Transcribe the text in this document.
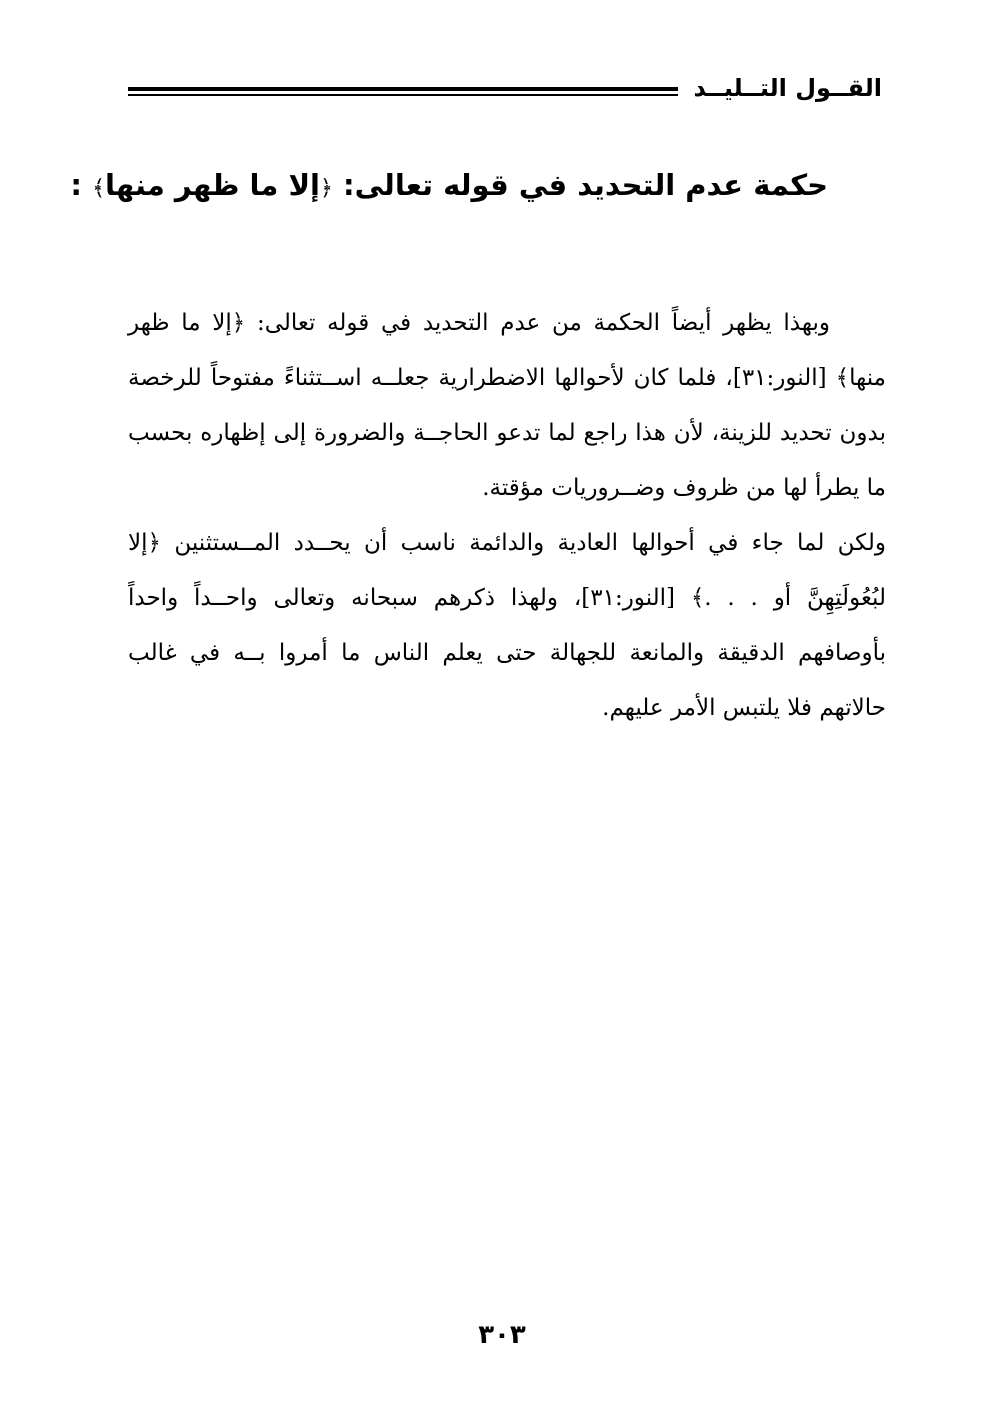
القــول التــليــد
حكمة عدم التحديد في قوله تعالى: ﴿إلا ما ظهر منها﴾ :

وبهذا يظهر أيضاً الحكمة من عدم التحديد في قوله تعالى: ﴿إلا ما ظهر منها﴾ [النور:٣١]، فلما كان لأحوالها الاضطرارية جعلــه اســتثناءً مفتوحاً للرخصة بدون تحديد للزينة، لأن هذا راجع لما تدعو الحاجــة والضرورة إلى إظهاره بحسب ما يطرأ لها من ظروف وضــروريات مؤقتة.

ولكن لما جاء في أحوالها العادية والدائمة ناسب أن يحــدد المــستثنين ﴿إلا لبُعُولَتِهِنَّ أو . . .﴾ [النور:٣١]، ولهذا ذكرهم سبحانه وتعالى واحــداً واحداً بأوصافهم الدقيقة والمانعة للجهالة حتى يعلم الناس ما أمروا بــه في غالب حالاتهم فلا يلتبس الأمر عليهم.

٣٠٣
